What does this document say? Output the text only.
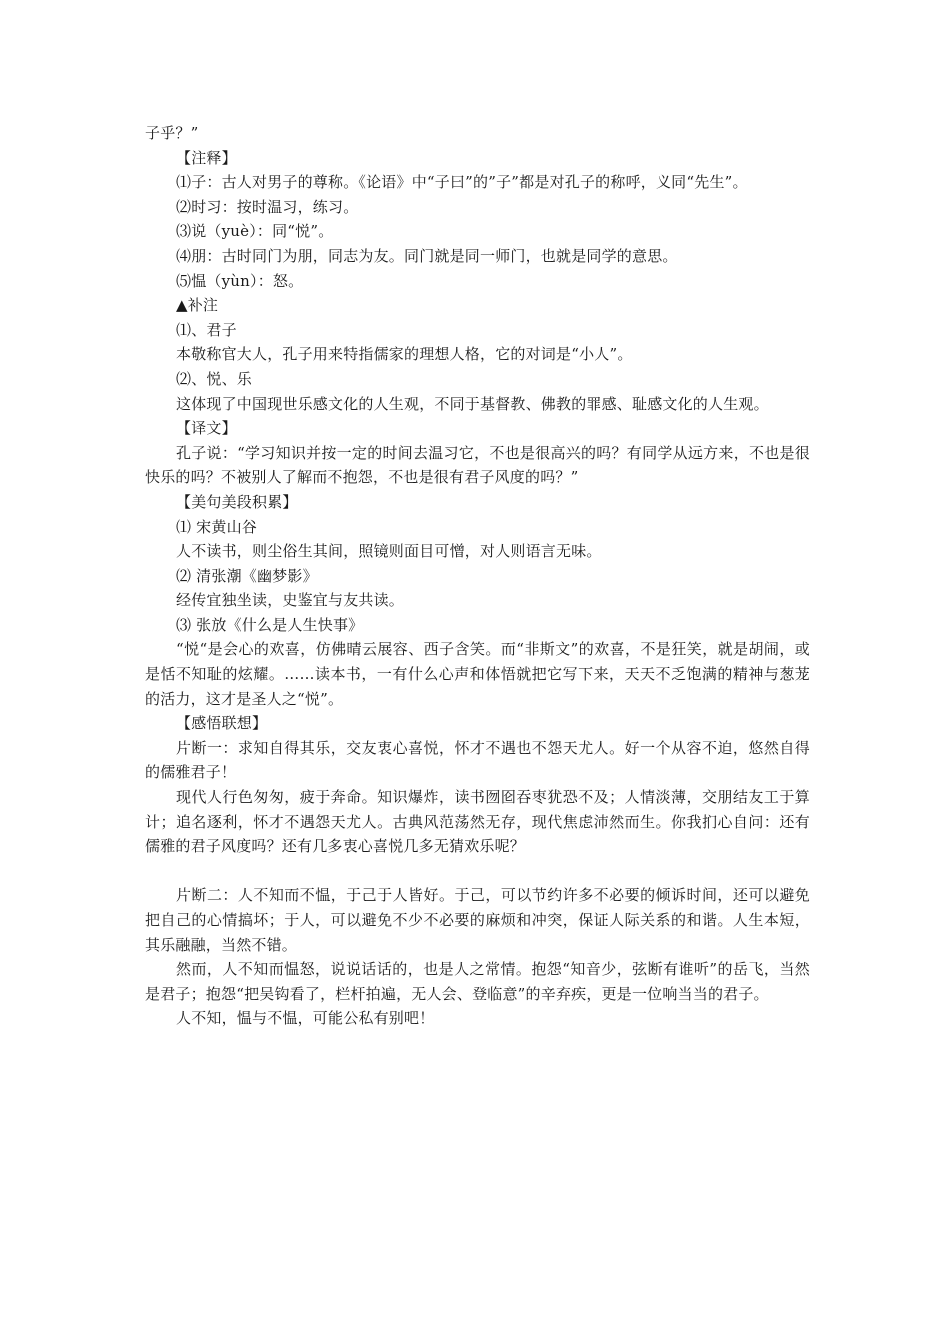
子乎？”
【注释】
⑴子：古人对男子的尊称。《论语》中“子曰”的”子”都是对孔子的称呼，义同“先生”。
⑵时习：按时温习，练习。
⑶说（yuè）：同“悦”。
⑷朋：古时同门为朋，同志为友。同门就是同一师门，也就是同学的意思。
⑸愠（yùn）：怒。
▲补注
⑴、君子
本敬称官大人，孔子用来特指儒家的理想人格，它的对词是“小人”。
⑵、悦、乐
这体现了中国现世乐感文化的人生观，不同于基督教、佛教的罪感、耻感文化的人生观。
【译文】
孔子说：“学习知识并按一定的时间去温习它，不也是很高兴的吗？有同学从远方来，不也是很快乐的吗？不被别人了解而不抱怨，不也是很有君子风度的吗？”
【美句美段积累】
⑴ 宋黄山谷
人不读书，则尘俗生其间，照镜则面目可憎，对人则语言无味。
⑵ 清张潮《幽梦影》
经传宜独坐读，史鉴宜与友共读。
⑶ 张放《什么是人生快事》
“悦“是会心的欢喜，仿佛晴云展容、西子含笑。而“非斯文”的欢喜，不是狂笑，就是胡闹，或是恬不知耻的炫耀。……读本书，一有什么心声和体悟就把它写下来，天天不乏饱满的精神与葱茏的活力，这才是圣人之“悦”。
【感悟联想】
片断一：求知自得其乐，交友衷心喜悦，怀才不遇也不怨天尤人。好一个从容不迫，悠然自得的儒雅君子！
现代人行色匆匆，疲于奔命。知识爆炸，读书囫囵吞枣犹恐不及；人情淡薄，交朋结友工于算计；追名逐利，怀才不遇怨天尤人。古典风范荡然无存，现代焦虑沛然而生。你我扪心自问：还有儒雅的君子风度吗？还有几多衷心喜悦几多无猜欢乐呢？
片断二：人不知而不愠，于己于人皆好。于己，可以节约许多不必要的倾诉时间，还可以避免把自己的心情搞坏；于人，可以避免不少不必要的麻烦和冲突，保证人际关系的和谐。人生本短，其乐融融，当然不错。
然而，人不知而愠怒，说说话话的，也是人之常情。抱怨“知音少，弦断有谁听”的岳飞，当然是君子；抱怨“把吴钩看了，栏杆拍遍，无人会、登临意”的辛弃疾，更是一位响当当的君子。
人不知，愠与不愠，可能公私有别吧！
